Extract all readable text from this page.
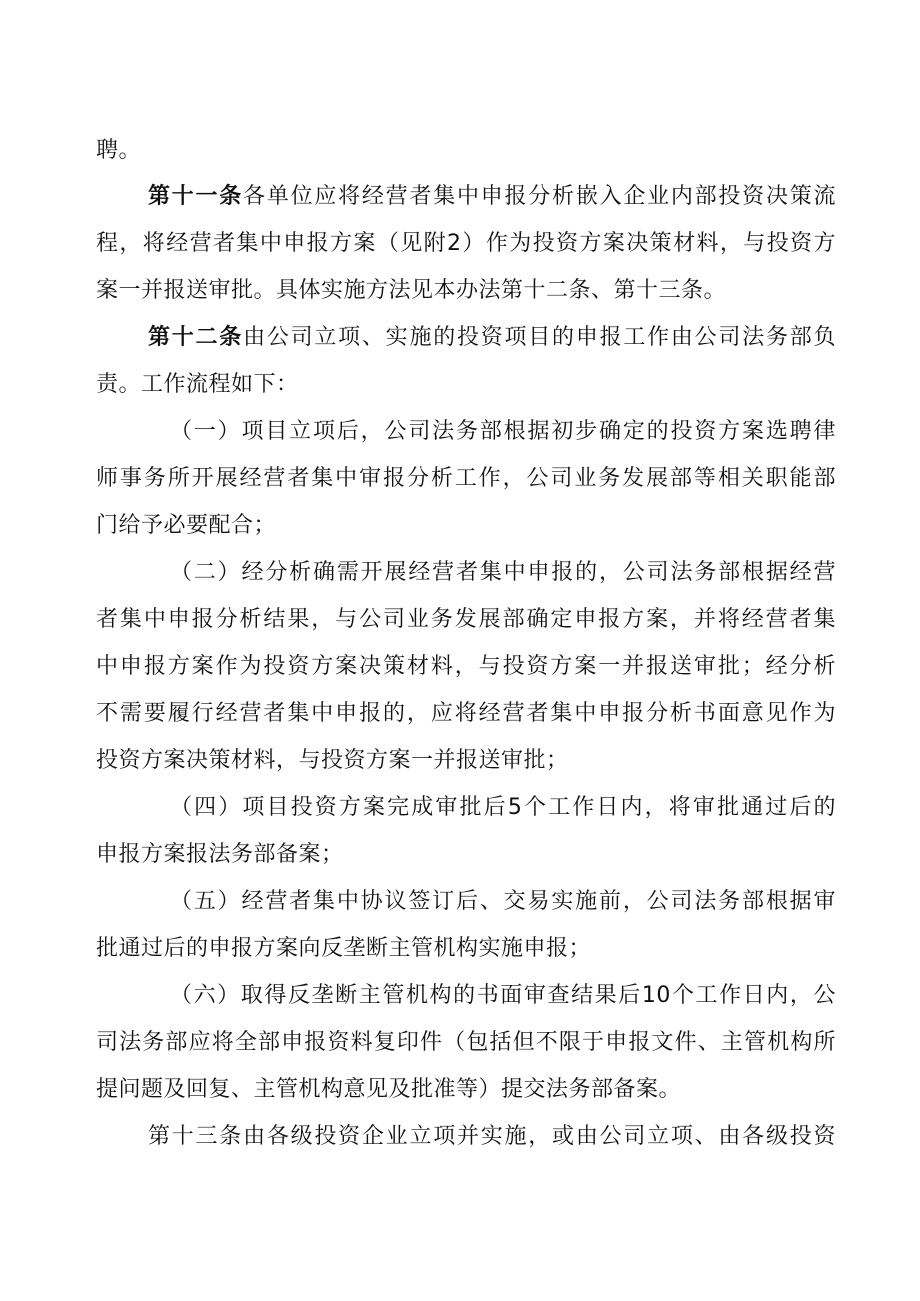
聘。
第十一条各单位应将经营者集中申报分析嵌入企业内部投资决策流
程，将经营者集中申报方案（见附2）作为投资方案决策材料，与投资方
案一并报送审批。具体实施方法见本办法第十二条、第十三条。
第十二条由公司立项、实施的投资项目的申报工作由公司法务部负
责。工作流程如下：
（一）项目立项后，公司法务部根据初步确定的投资方案选聘律
师事务所开展经营者集中审报分析工作，公司业务发展部等相关职能部
门给予必要配合；
（二）经分析确需开展经营者集中申报的，公司法务部根据经营
者集中申报分析结果，与公司业务发展部确定申报方案，并将经营者集
中申报方案作为投资方案决策材料，与投资方案一并报送审批；经分析
不需要履行经营者集中申报的，应将经营者集中申报分析书面意见作为
投资方案决策材料，与投资方案一并报送审批；
（四）项目投资方案完成审批后5个工作日内，将审批通过后的
申报方案报法务部备案；
（五）经营者集中协议签订后、交易实施前，公司法务部根据审
批通过后的申报方案向反垄断主管机构实施申报；
（六）取得反垄断主管机构的书面审查结果后10个工作日内，公
司法务部应将全部申报资料复印件（包括但不限于申报文件、主管机构所
提问题及回复、主管机构意见及批准等）提交法务部备案。
第十三条由各级投资企业立项并实施，或由公司立项、由各级投资
